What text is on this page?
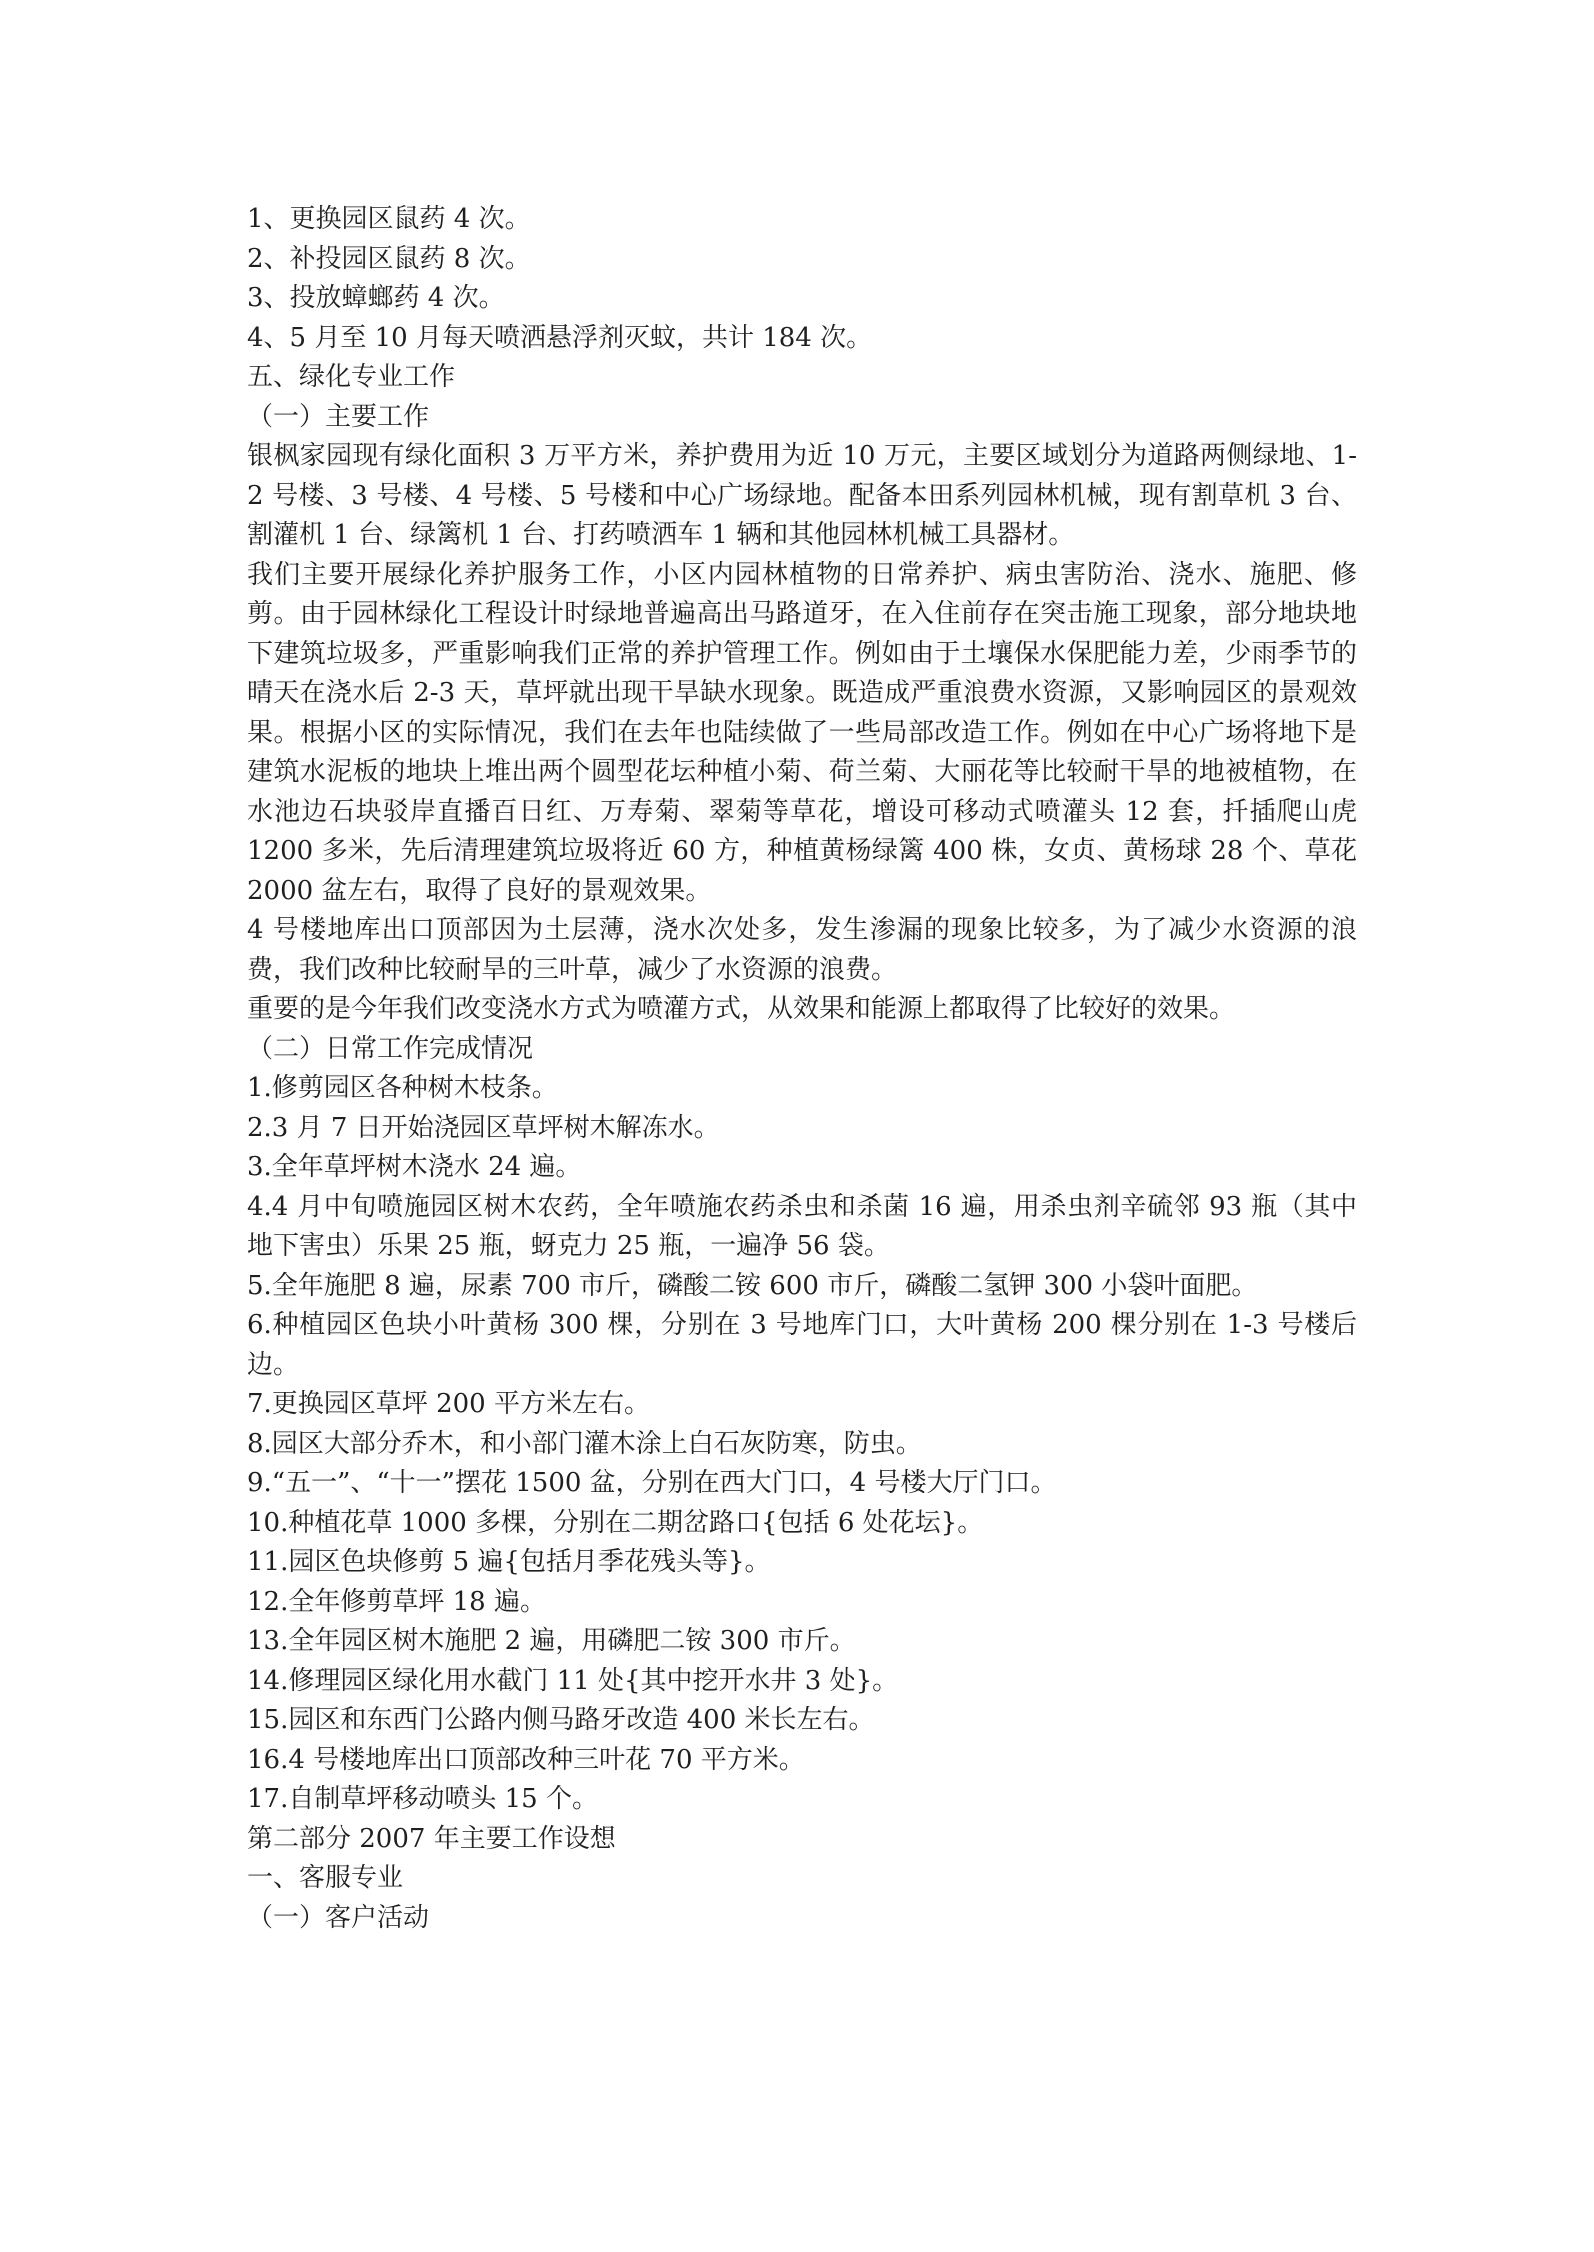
1、更换园区鼠药 4 次。
2、补投园区鼠药 8 次。
3、投放蟑螂药 4 次。
4、5 月至 10 月每天喷洒悬浮剂灭蚊，共计 184 次。
五、绿化专业工作
（一）主要工作
银枫家园现有绿化面积 3 万平方米，养护费用为近 10 万元，主要区域划分为道路两侧绿地、1-2 号楼、3 号楼、4 号楼、5 号楼和中心广场绿地。配备本田系列园林机械，现有割草机 3 台、割灌机 1 台、绿篱机 1 台、打药喷洒车 1 辆和其他园林机械工具器材。
我们主要开展绿化养护服务工作，小区内园林植物的日常养护、病虫害防治、浇水、施肥、修剪。由于园林绿化工程设计时绿地普遍高出马路道牙，在入住前存在突击施工现象，部分地块地下建筑垃圾多，严重影响我们正常的养护管理工作。例如由于土壤保水保肥能力差，少雨季节的晴天在浇水后 2-3 天，草坪就出现干旱缺水现象。既造成严重浪费水资源，又影响园区的景观效果。根据小区的实际情况，我们在去年也陆续做了一些局部改造工作。例如在中心广场将地下是建筑水泥板的地块上堆出两个圆型花坛种植小菊、荷兰菊、大丽花等比较耐干旱的地被植物，在水池边石块驳岸直播百日红、万寿菊、翠菊等草花，增设可移动式喷灌头 12 套，扦插爬山虎 1200 多米，先后清理建筑垃圾将近 60 方，种植黄杨绿篱 400 株，女贞、黄杨球 28 个、草花 2000 盆左右，取得了良好的景观效果。
4 号楼地库出口顶部因为土层薄，浇水次处多，发生渗漏的现象比较多，为了减少水资源的浪费，我们改种比较耐旱的三叶草，减少了水资源的浪费。
重要的是今年我们改变浇水方式为喷灌方式，从效果和能源上都取得了比较好的效果。
（二）日常工作完成情况
1.修剪园区各种树木枝条。
2.3 月 7 日开始浇园区草坪树木解冻水。
3.全年草坪树木浇水 24 遍。
4.4 月中旬喷施园区树木农药，全年喷施农药杀虫和杀菌 16 遍，用杀虫剂辛硫邻 93 瓶（其中地下害虫）乐果 25 瓶，蚜克力 25 瓶，一遍净 56 袋。
5.全年施肥 8 遍，尿素 700 市斤，磷酸二铵 600 市斤，磷酸二氢钾 300 小袋叶面肥。
6.种植园区色块小叶黄杨 300 棵，分别在 3 号地库门口，大叶黄杨 200 棵分别在 1-3 号楼后边。
7.更换园区草坪 200 平方米左右。
8.园区大部分乔木，和小部门灌木涂上白石灰防寒，防虫。
9.“五一”、“十一”摆花 1500 盆，分别在西大门口，4 号楼大厅门口。
10.种植花草 1000 多棵，分别在二期岔路口{包括 6 处花坛}。
11.园区色块修剪 5 遍{包括月季花残头等}。
12.全年修剪草坪 18 遍。
13.全年园区树木施肥 2 遍，用磷肥二铵 300 市斤。
14.修理园区绿化用水截门 11 处{其中挖开水井 3 处}。
15.园区和东西门公路内侧马路牙改造 400 米长左右。
16.4 号楼地库出口顶部改种三叶花 70 平方米。
17.自制草坪移动喷头 15 个。
第二部分 2007 年主要工作设想
一、客服专业
（一）客户活动
